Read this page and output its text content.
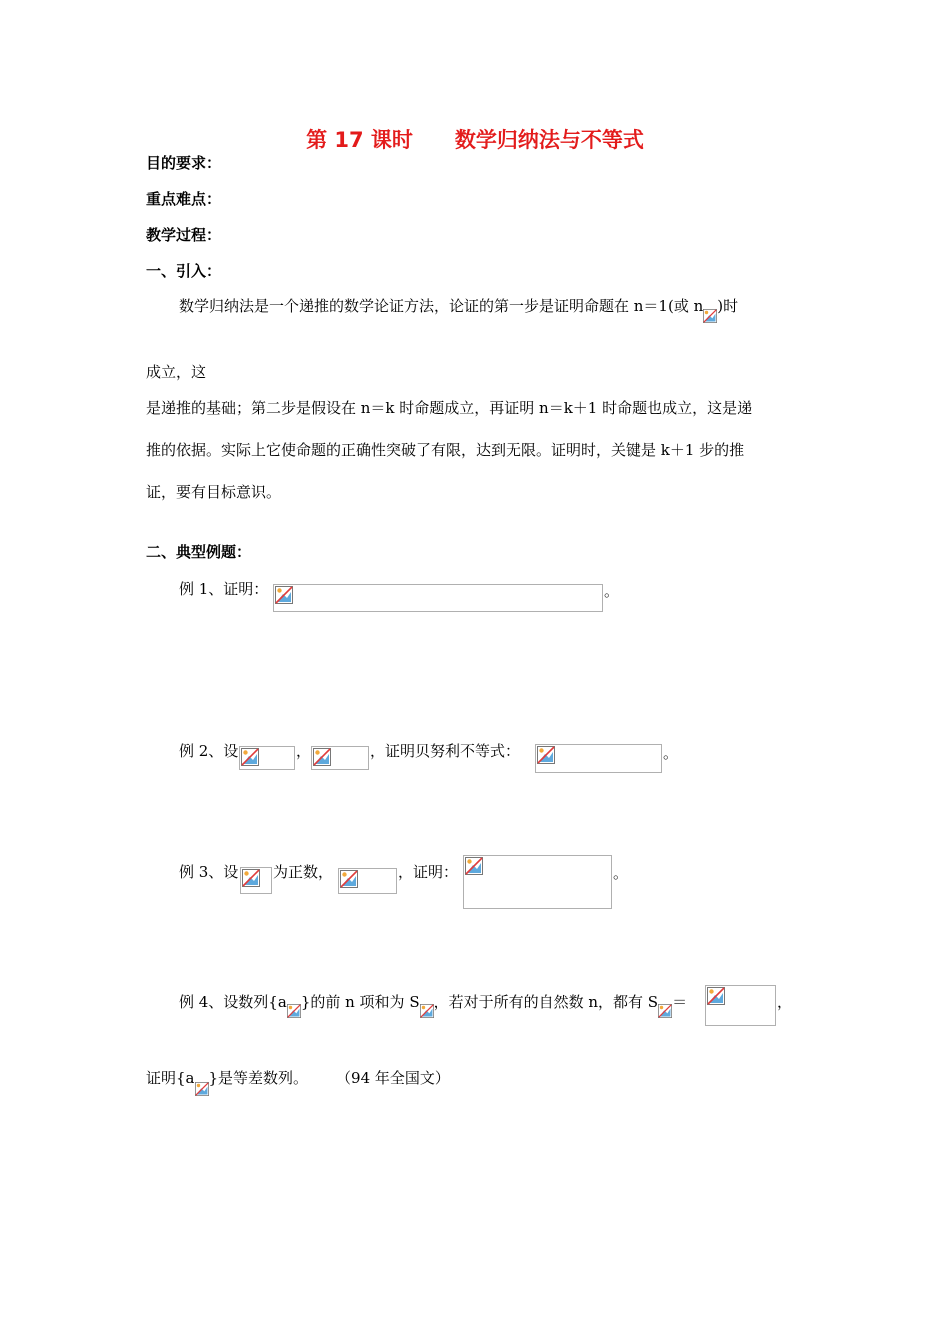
第 17 课时　　数学归纳法与不等式
目的要求：
重点难点：
教学过程：
一、引入：
数学归纳法是一个递推的数学论证方法，论证的第一步是证明命题在 n＝1(或 n )时
成立，这
是递推的基础；第二步是假设在 n＝k 时命题成立，再证明 n＝k＋1 时命题也成立，这是递
推的依据。实际上它使命题的正确性突破了有限，达到无限。证明时，关键是 k＋1 步的推
证，要有目标意识。
二、典型例题：
例 1、证明：	。
例 2、设	，	，证明贝努利不等式：	。
例 3、设 为正数，	，证明：	。
例 4、设数列{a }的前 n 项和为 S ，若对于所有的自然数 n，都有 S ＝	，
证明{a }是等差数列。 （94 年全国文）
